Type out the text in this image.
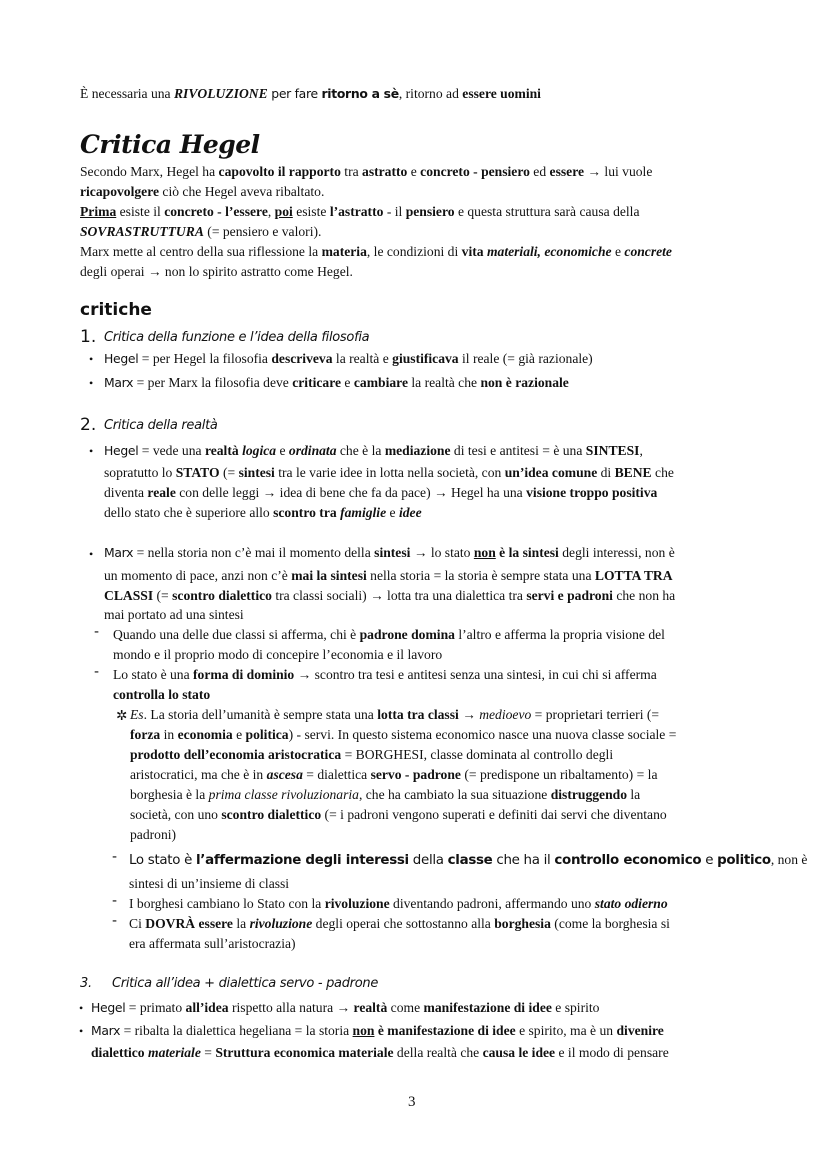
È necessaria una RIVOLUZIONE per fare ritorno a sè, ritorno ad essere uomini
Critica Hegel
Secondo Marx, Hegel ha capovolto il rapporto tra astratto e concreto - pensiero ed essere → lui vuole
ricapovolgere ciò che Hegel aveva ribaltato.
Prima esiste il concreto - l’essere, poi esiste l’astratto - il pensiero e questa struttura sarà causa della
SOVRASTRUTTURA (= pensiero e valori).
Marx mette al centro della sua riflessione la materia, le condizioni di vita materiali, economiche e concrete
degli operai → non lo spirito astratto come Hegel.
critiche
1. Critica della funzione e l’idea della filosofia
• Hegel = per Hegel la filosofia descriveva la realtà e giustificava il reale (= già razionale)
• Marx = per Marx la filosofia deve criticare e cambiare la realtà che non è razionale
2. Critica della realtà
• Hegel = vede una realtà logica e ordinata che è la mediazione di tesi e antitesi = è una SINTESI,
sopratutto lo STATO (= sintesi tra le varie idee in lotta nella società, con un’idea comune di BENE che
diventa reale con delle leggi → idea di bene che fa da pace) → Hegel ha una visione troppo positiva
dello stato che è superiore allo scontro tra famiglie e idee
• Marx = nella storia non c’è mai il momento della sintesi → lo stato non è la sintesi degli interessi, non è
un momento di pace, anzi non c’è mai la sintesi nella storia = la storia è sempre stata una LOTTA TRA
CLASSI (= scontro dialettico tra classi sociali) → lotta tra una dialettica tra servi e padroni che non ha
mai portato ad una sintesi
- Quando una delle due classi si afferma, chi è padrone domina l’altro e afferma la propria visione del
mondo e il proprio modo di concepire l’economia e il lavoro
- Lo stato è una forma di dominio → scontro tra tesi e antitesi senza una sintesi, in cui chi si afferma
controlla lo stato
✲ Es. La storia dell’umanità è sempre stata una lotta tra classi → medioevo = proprietari terrieri (=
forza in economia e politica) - servi. In questo sistema economico nasce una nuova classe sociale =
prodotto dell’economia aristocratica = BORGHESI, classe dominata al controllo degli
aristocratici, ma che è in ascesa = dialettica servo - padrone (= predispone un ribaltamento) = la
borghesia è la prima classe rivoluzionaria, che ha cambiato la sua situazione distruggendo la
società, con uno scontro dialettico (= i padroni vengono superati e definiti dai servi che diventano
padroni)
- Lo stato è l’affermazione degli interessi della classe che ha il controllo economico e politico, non è
sintesi di un’insieme di classi
- I borghesi cambiano lo Stato con la rivoluzione diventando padroni, affermando uno stato odierno
- Ci DOVRÀ essere la rivoluzione degli operai che sottostanno alla borghesia (come la borghesia si
era affermata sull’aristocrazia)
3. Critica all’idea + dialettica servo - padrone
• Hegel = primato all’idea rispetto alla natura → realtà come manifestazione di idee e spirito
• Marx = ribalta la dialettica hegeliana = la storia non è manifestazione di idee e spirito, ma è un divenire
dialettico materiale = Struttura economica materiale della realtà che causa le idee e il modo di pensare
3
